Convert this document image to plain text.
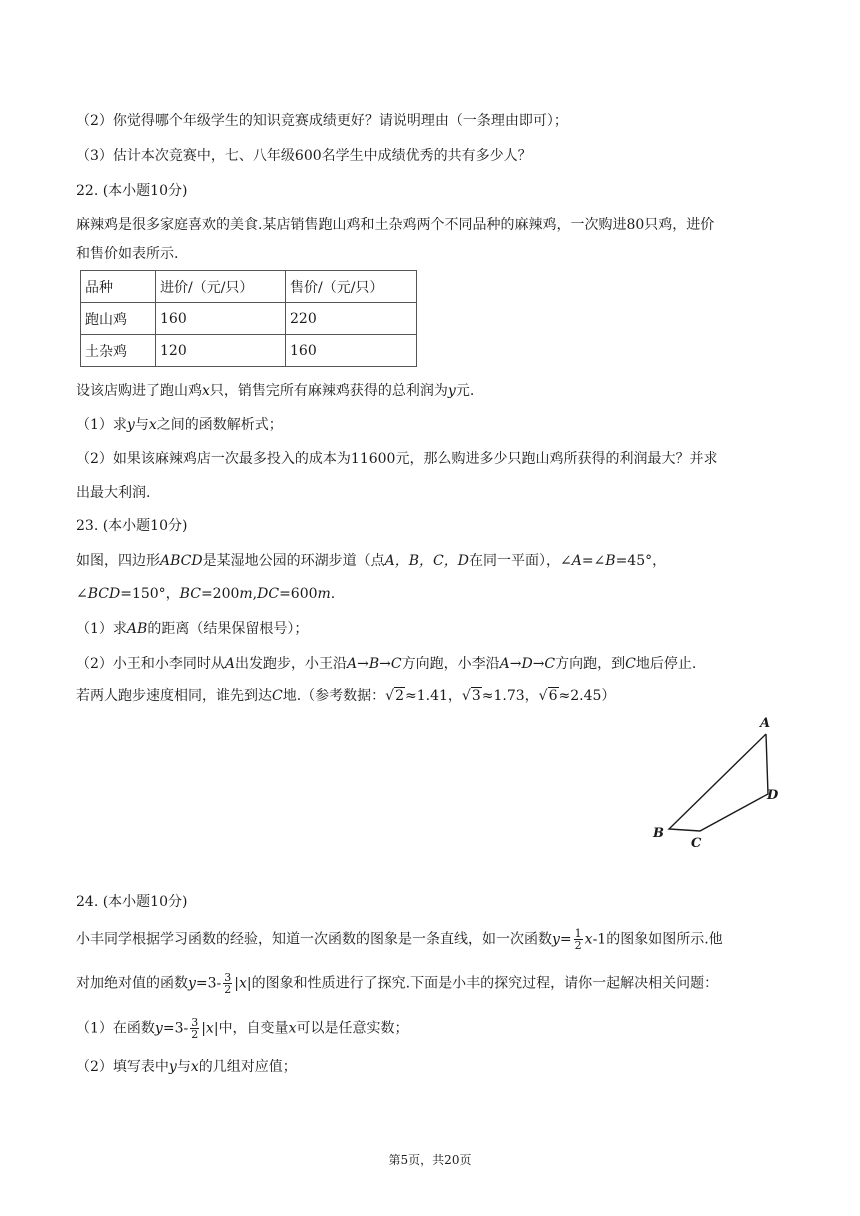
（2）你觉得哪个年级学生的知识竞赛成绩更好？请说明理由（一条理由即可）；
（3）估计本次竞赛中，七、八年级600名学生中成绩优秀的共有多少人？
22. (本小题10分)
麻辣鸡是很多家庭喜欢的美食.某店销售跑山鸡和土杂鸡两个不同品种的麻辣鸡，一次购进80只鸡，进价
和售价如表所示.
品种	进价/（元/只）	售价/（元/只）
跑山鸡	160	220
土杂鸡	120	160
设该店购进了跑山鸡x只，销售完所有麻辣鸡获得的总利润为y元.
（1）求y与x之间的函数解析式；
（2）如果该麻辣鸡店一次最多投入的成本为11600元，那么购进多少只跑山鸡所获得的利润最大？并求
出最大利润.
23. (本小题10分)
如图，四边形ABCD是某湿地公园的环湖步道（点A，B，C，D在同一平面），∠A=∠B=45°，
∠BCD=150°，BC=200m,DC=600m.
（1）求AB的距离（结果保留根号）；
（2）小王和小李同时从A出发跑步，小王沿A→B→C方向跑，小李沿A→D→C方向跑，到C地后停止.
若两人跑步速度相同，谁先到达C地.（参考数据：√2≈1.41，√3≈1.73，√6≈2.45）
A
B
C
D
24. (本小题10分)
小丰同学根据学习函数的经验，知道一次函数的图象是一条直线，如一次函数$y= \frac{1}{2} x-1$的图象如图所示.他
对加绝对值的函数$y=3- \frac{3}{2} |x|$的图象和性质进行了探究.下面是小丰的探究过程，请你一起解决相关问题：
（1）在函数$y=3- \frac{3}{2} |x|$中，自变量x可以是任意实数；
（2）填写表中y与x的几组对应值；
第5页，共20页
